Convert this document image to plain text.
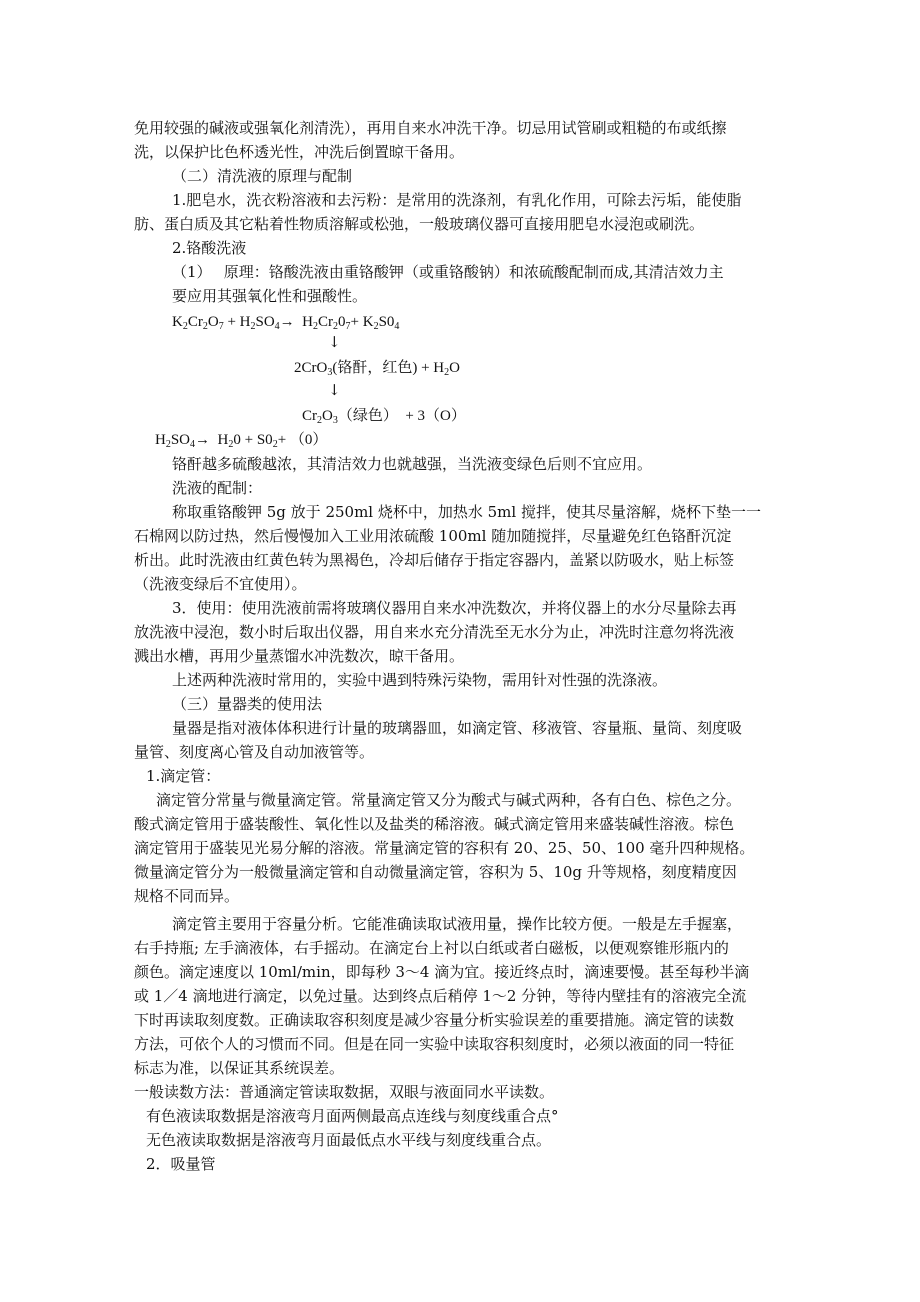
免用较强的碱液或强氧化剂清洗），再用自来水冲洗干净。切忌用试管刷或粗糙的布或纸擦
洗，以保护比色杯透光性，冲洗后倒置晾干备用。
（二）清洗液的原理与配制
1.肥皂水，洗衣粉溶液和去污粉：是常用的洗涤剂，有乳化作用，可除去污垢，能使脂
肪、蛋白质及其它粘着性物质溶解或松弛，一般玻璃仪器可直接用肥皂水浸泡或刷洗。
2.铬酸洗液
（1）　 原理：铬酸洗液由重铬酸钾（或重铬酸钠）和浓硫酸配制而成,其清洁效力主
要应用其强氧化性和强酸性。
$K_2Cr_2O_7 + H_2SO_4\to H_2Cr_20_7+ K_2S0_4$
↓
2CrO$_3$(铬酐，红色) + $H_2O$
↓
$Cr_2O_3$（绿色）　+ 3（O）
$H_2SO_4\to H_20 + S0_2+ (0)$
铬酐越多硫酸越浓，其清洁效力也就越强，当洗液变绿色后则不宜应用。
洗液的配制：
称取重铬酸钾 5g 放于 250ml 烧杯中，加热水 5ml 搅拌，使其尽量溶解，烧杯下垫一一
石棉网以防过热，然后慢慢加入工业用浓硫酸 100ml 随加随搅拌，尽量避免红色铬酐沉淀
析出。此时洗液由红黄色转为黑褐色，冷却后储存于指定容器内，盖紧以防吸水，贴上标签
（洗液变绿后不宜使用）。
3．使用：使用洗液前需将玻璃仪器用自来水冲洗数次，并将仪器上的水分尽量除去再
放洗液中浸泡，数小时后取出仪器，用自来水充分清洗至无水分为止，冲洗时注意勿将洗液
溅出水槽，再用少量蒸馏水冲洗数次，晾干备用。
上述两种洗液时常用的，实验中遇到特殊污染物，需用针对性强的洗涤液。
（三）量器类的使用法
量器是指对液体体积进行计量的玻璃器皿，如滴定管、移液管、容量瓶、量筒、刻度吸
量管、刻度离心管及自动加液管等。
1.滴定管：
滴定管分常量与微量滴定管。常量滴定管又分为酸式与碱式两种，各有白色、棕色之分。
酸式滴定管用于盛装酸性、氧化性以及盐类的稀溶液。碱式滴定管用来盛装碱性溶液。棕色
滴定管用于盛装见光易分解的溶液。常量滴定管的容积有 20、25、50、100 毫升四种规格。
微量滴定管分为一般微量滴定管和自动微量滴定管，容积为 5、10g 升等规格，刻度精度因
规格不同而异。
滴定管主要用于容量分析。它能准确读取试液用量，操作比较方便。一般是左手握塞，
右手持瓶; 左手滴液体，右手摇动。在滴定台上衬以白纸或者白磁板，以便观察锥形瓶内的
颜色。滴定速度以 10ml/min，即每秒 3～4 滴为宜。接近终点时，滴速要慢。甚至每秒半滴
或 1／4 滴地进行滴定，以免过量。达到终点后稍停 1～2 分钟，等待内壁挂有的溶液完全流
下时再读取刻度数。正确读取容积刻度是减少容量分析实验误差的重要措施。滴定管的读数
方法，可依个人的习惯而不同。但是在同一实验中读取容积刻度时，必须以液面的同一特征
标志为准，以保证其系统误差。
一般读数方法：普通滴定管读取数据，双眼与液面同水平读数。
有色液读取数据是溶液弯月面两侧最高点连线与刻度线重合点°
无色液读取数据是溶液弯月面最低点水平线与刻度线重合点。
2．吸量管
